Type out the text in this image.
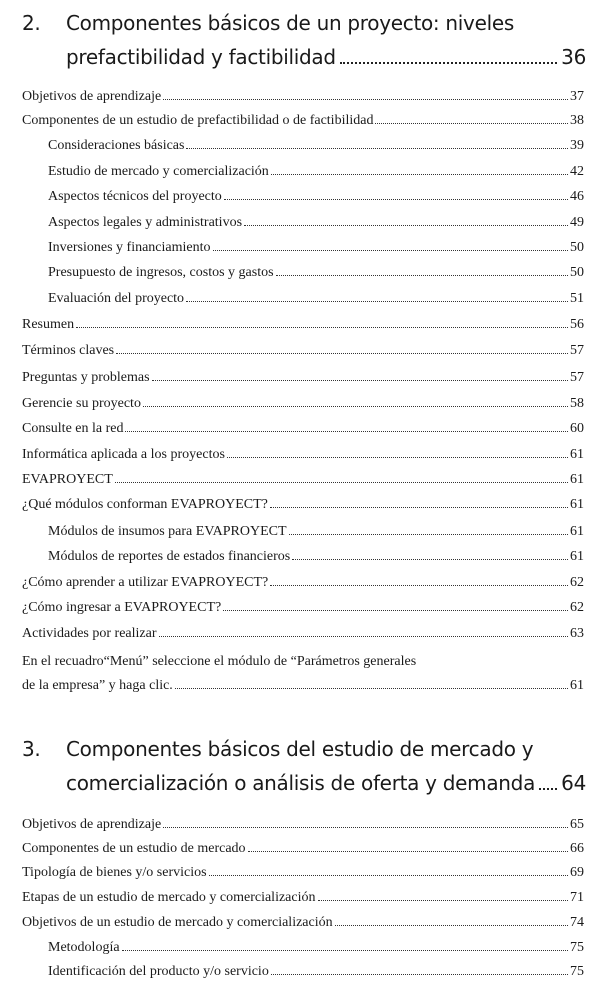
2. Componentes básicos de un proyecto: niveles
prefactibilidad y factibilidad	36
Objetivos de aprendizaje	37
Componentes de un estudio de prefactibilidad o de factibilidad	38
Consideraciones básicas	39
Estudio de mercado y comercialización	42
Aspectos técnicos del proyecto	46
Aspectos legales y administrativos	49
Inversiones y financiamiento	50
Presupuesto de ingresos, costos y gastos	50
Evaluación del proyecto	51
Resumen	56
Términos claves	57
Preguntas y problemas	57
Gerencie su proyecto	58
Consulte en la red	60
Informática aplicada a los proyectos	61
EVAPROYECT	61
¿Qué módulos conforman EVAPROYECT?	61
Módulos de insumos para EVAPROYECT	61
Módulos de reportes de estados financieros	61
¿Cómo aprender a utilizar EVAPROYECT?	62
¿Cómo ingresar a EVAPROYECT?	62
Actividades por realizar	63
En el recuadro“Menú” seleccione el módulo de “Parámetros generales
de la empresa” y haga clic.	61
3. Componentes básicos del estudio de mercado y
comercialización o análisis de oferta y demanda 64
Objetivos de aprendizaje	65
Componentes de un estudio de mercado	66
Tipología de bienes y/o servicios	69
Etapas de un estudio de mercado y comercialización	71
Objetivos de un estudio de mercado y comercialización	74
Metodología	75
Identificación del producto y/o servicio	75
